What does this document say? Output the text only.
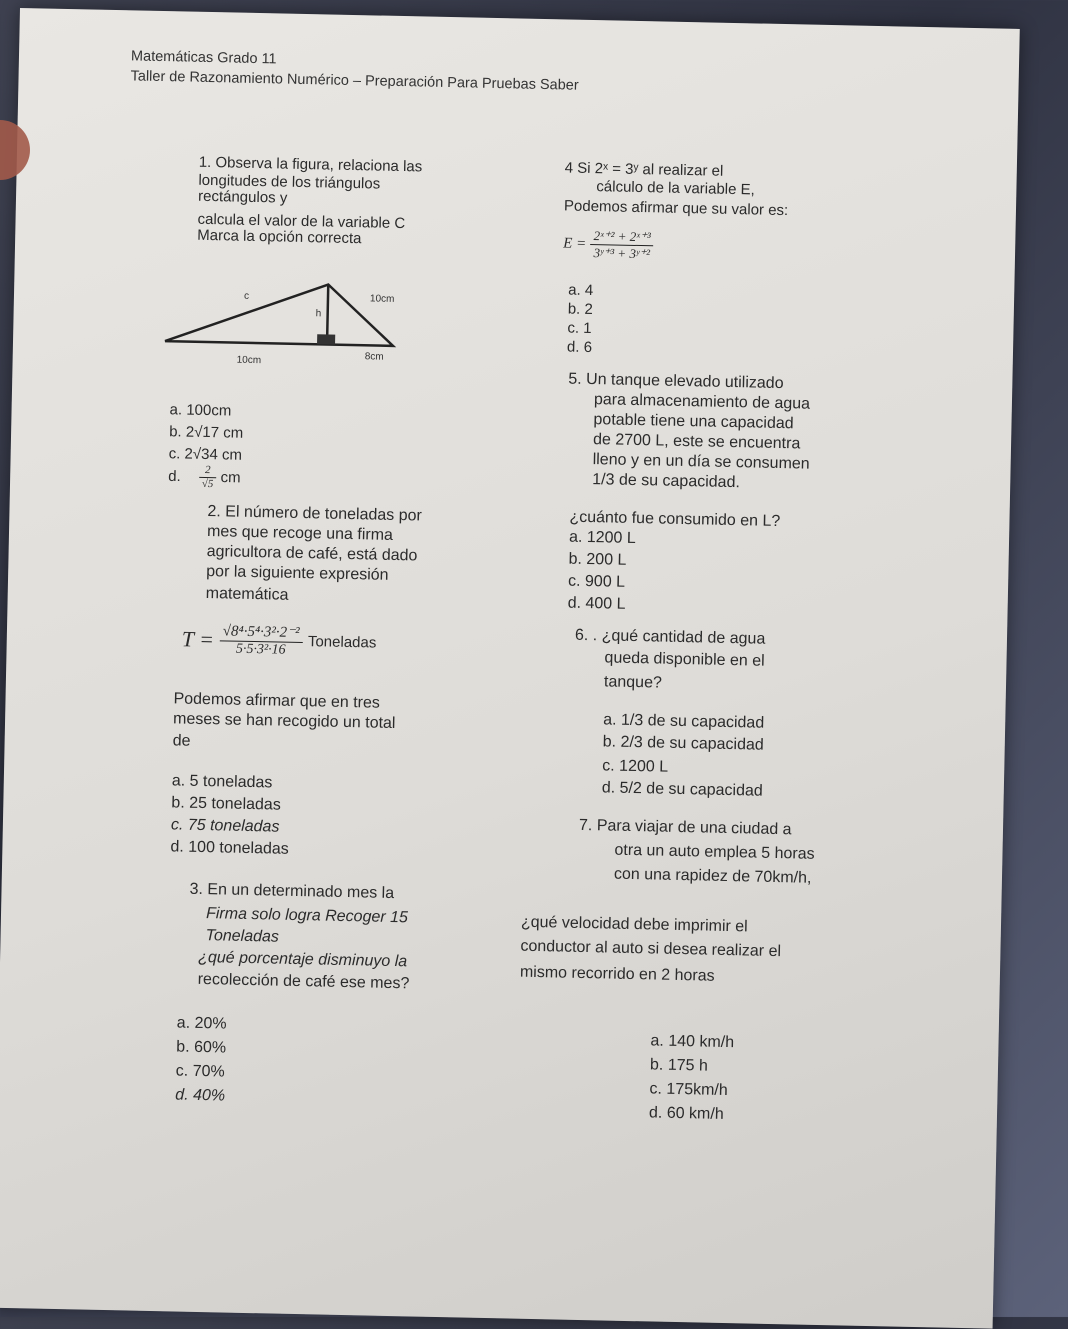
Matemáticas Grado 11
Taller de Razonamiento Numérico – Preparación Para Pruebas Saber
1. Observa la figura, relaciona las
longitudes de los triángulos
rectángulos y
calcula el valor de la variable C
Marca la opción correcta
c
h
10cm
10cm	8cm
a. 100cm
b. 2√17 cm
c. 2√34 cm
d. $\frac{2}{√5}$ cm
2. El número de toneladas por
mes que recoge una firma
agricultora de café, está dado
por la siguiente expresión
matemática
$T = \frac{\text{√8⁴·5⁴·3²·2⁻²}}{\text{5·5·3²·16}}$ Toneladas
Podemos afirmar que en tres
meses se han recogido un total
de
a. 5 toneladas
b. 25 toneladas
c. 75 toneladas
d. 100 toneladas
3. En un determinado mes la
Firma solo logra Recoger 15
Toneladas
¿qué porcentaje disminuyo la
recolección de café ese mes?
a. 20%
b. 60%
c. 70%
d. 40%
4 Si 2ˣ = 3ʸ al realizar el
cálculo de la variable E,
Podemos afirmar que su valor es:
$E = \frac{\text{2ˣ⁺² + 2ˣ⁺³}}{\text{3ʸ⁺³ + 3ʸ⁺²}}$
a. 4
b. 2
c. 1
d. 6
5. Un tanque elevado utilizado
para almacenamiento de agua
potable tiene una capacidad
de 2700 L, este se encuentra
lleno y en un día se consumen
1/3 de su capacidad.
¿cuánto fue consumido en L?
a. 1200 L
b. 200 L
c. 900 L
d. 400 L
6. . ¿qué cantidad de agua
queda disponible en el
tanque?
a. 1/3 de su capacidad
b. 2/3 de su capacidad
c. 1200 L
d. 5/2 de su capacidad
7. Para viajar de una ciudad a
otra un auto emplea 5 horas
con una rapidez de 70km/h,
¿qué velocidad debe imprimir el
conductor al auto si desea realizar el
mismo recorrido en 2 horas
a. 140 km/h
b. 175 h
c. 175km/h
d. 60 km/h
